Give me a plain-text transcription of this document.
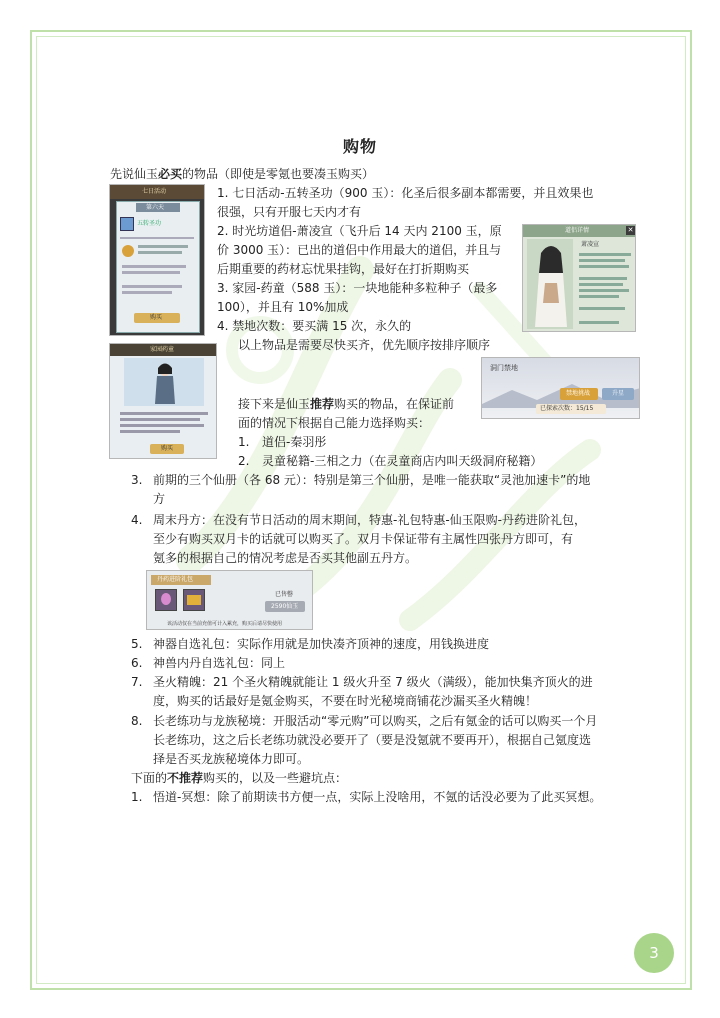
购物
先说仙玉必买的物品（即使是零氪也要凑玉购买）
1. 七日活动-五转圣功（900 玉）：化圣后很多副本都需要，并且效果也
很强，只有开服七天内才有
2. 时光坊道侣-萧凌宣（飞升后 14 天内 2100 玉，原
价 3000 玉）：已出的道侣中作用最大的道侣，并且与
后期重要的药材忘忧果挂钩，最好在打折期购买
3. 家园-药童（588 玉）：一块地能种多粒种子（最多
100），并且有 10%加成
4. 禁地次数：要买满 15 次，永久的
以上物品是需要尽快买齐，优先顺序按排序顺序
接下来是仙玉推荐购买的物品，在保证前
面的情况下根据自己能力选择购买：
1. 道侣-秦羽彤
2. 灵童秘籍-三相之力（在灵童商店内叫天级洞府秘籍）
3. 前期的三个仙册（各 68 元）：特别是第三个仙册，是唯一能获取“灵池加速卡”的地
方
4. 周末丹方：在没有节日活动的周末期间，特惠-礼包特惠-仙玉限购-丹药进阶礼包，
至少有购买双月卡的话就可以购买了。双月卡保证带有主属性四张丹方即可，有
氪多的根据自己的情况考虑是否买其他副五丹方。
5. 神器自选礼包：实际作用就是加快凑齐顶神的速度，用钱换进度
6. 神兽内丹自选礼包：同上
7. 圣火精魄：21 个圣火精魄就能让 1 级火升至 7 级火（满级），能加快集齐顶火的进
度，购买的话最好是氪金购买，不要在时光秘境商铺花沙漏买圣火精魄！
8. 长老练功与龙族秘境：开服活动“零元购”可以购买，之后有氪金的话可以购买一个月
长老练功，这之后长老练功就没必要开了（要是没氪就不要再开），根据自己氪度选
择是否买龙族秘境体力即可。
下面的不推荐购买的，以及一些避坑点：
1. 悟道-冥想：除了前期读书方便一点，实际上没啥用，不氪的话没必要为了此买冥想。
七日活动
第六天
五转圣功
购买
道侣详情	✕
萧凌宣
家园药童
购买
洞门禁地
禁地挑战	升星
已探索次数：15/15
丹药进阶礼包
已售罄
2590仙玉
该活动仅在当前充值可计入累充，购买后请尽快使用
3
